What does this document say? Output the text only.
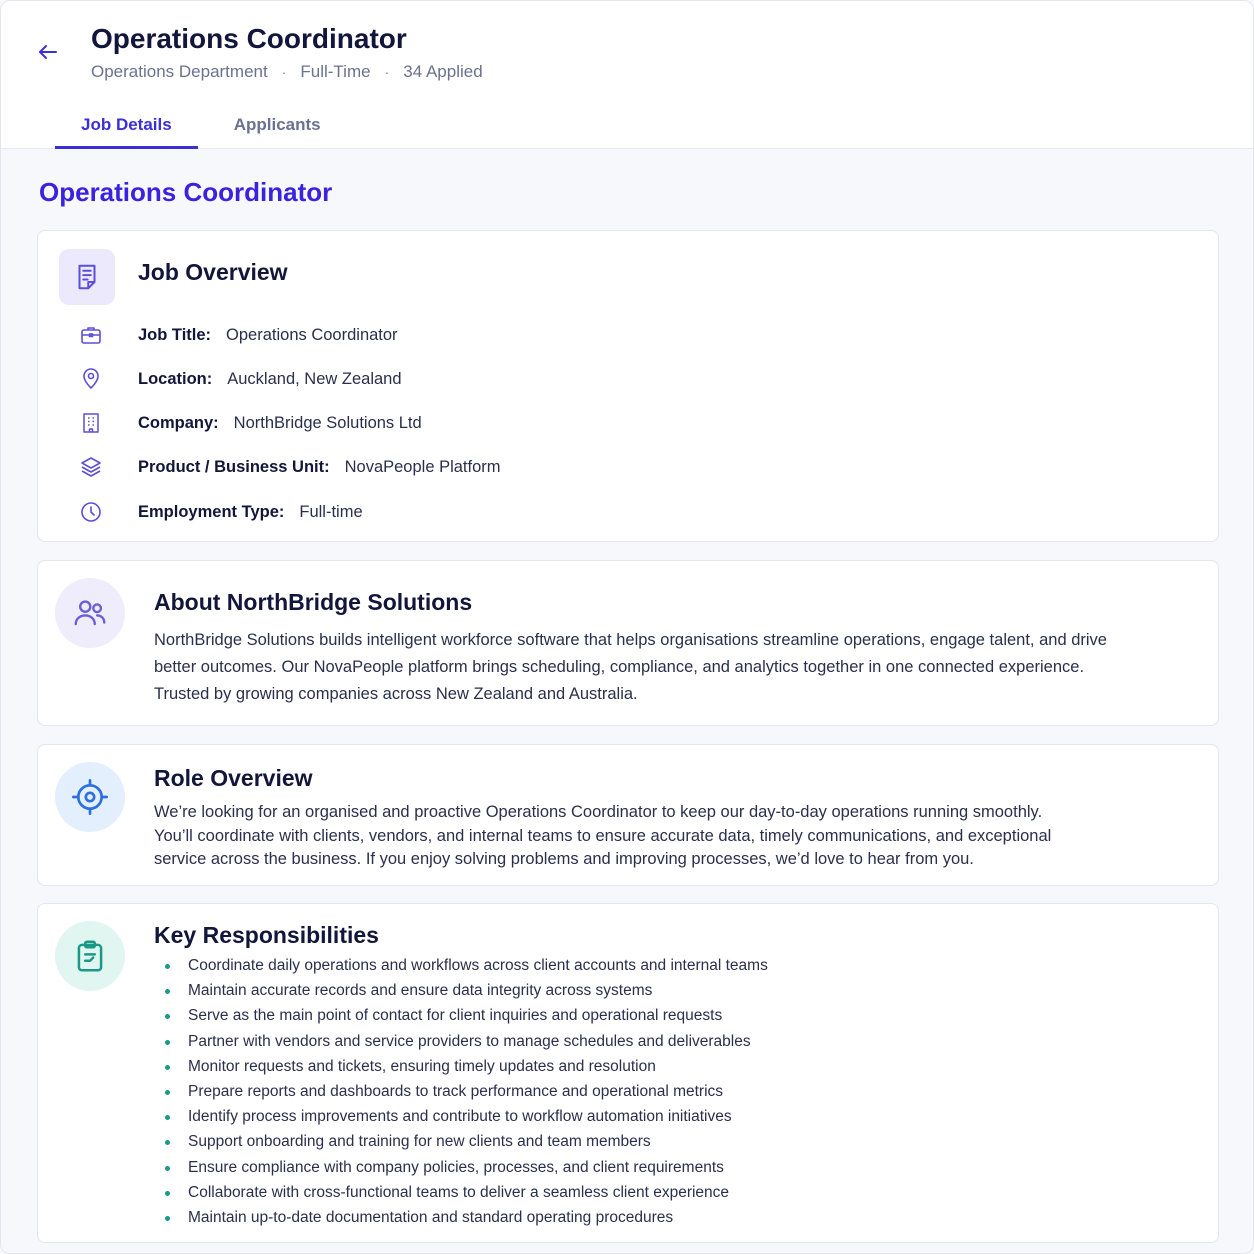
Operations Coordinator
Operations Department · Full-Time · 34 Applied
Job Details	Applicants
Operations Coordinator
Job Overview
Job Title: Operations Coordinator
Location: Auckland, New Zealand
Company: NorthBridge Solutions Ltd
Product / Business Unit: NovaPeople Platform
Employment Type: Full-time
About NorthBridge Solutions
NorthBridge Solutions builds intelligent workforce software that helps organisations streamline operations, engage talent, and drive
better outcomes. Our NovaPeople platform brings scheduling, compliance, and analytics together in one connected experience.
Trusted by growing companies across New Zealand and Australia.
Role Overview
We’re looking for an organised and proactive Operations Coordinator to keep our day-to-day operations running smoothly.
You’ll coordinate with clients, vendors, and internal teams to ensure accurate data, timely communications, and exceptional
service across the business. If you enjoy solving problems and improving processes, we’d love to hear from you.
Key Responsibilities
Coordinate daily operations and workflows across client accounts and internal teams
Maintain accurate records and ensure data integrity across systems
Serve as the main point of contact for client inquiries and operational requests
Partner with vendors and service providers to manage schedules and deliverables
Monitor requests and tickets, ensuring timely updates and resolution
Prepare reports and dashboards to track performance and operational metrics
Identify process improvements and contribute to workflow automation initiatives
Support onboarding and training for new clients and team members
Ensure compliance with company policies, processes, and client requirements
Collaborate with cross-functional teams to deliver a seamless client experience
Maintain up-to-date documentation and standard operating procedures
